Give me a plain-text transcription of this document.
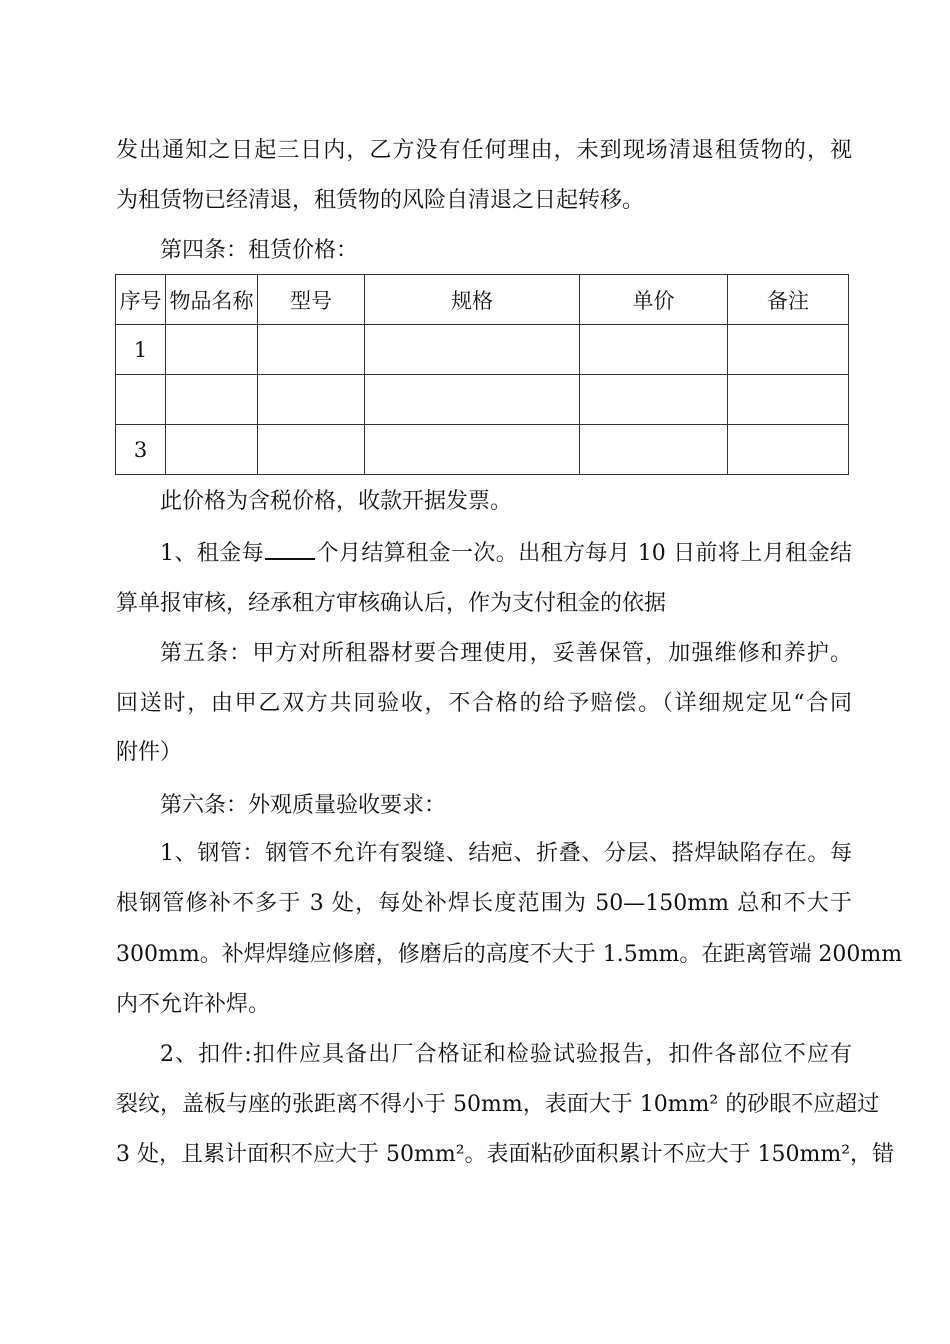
发出通知之日起三日内，乙方没有任何理由，未到现场清退租赁物的，视
为租赁物已经清退，租赁物的风险自清退之日起转移。
第四条：租赁价格：
序号	物品名称	型号	规格	单价	备注
1					

3					
此价格为含税价格，收款开据发票。
1、租金每 个月结算租金一次。出租方每月 10 日前将上月租金结
算单报审核，经承租方审核确认后，作为支付租金的依据
第五条：甲方对所租器材要合理使用，妥善保管，加强维修和养护。
回送时，由甲乙双方共同验收，不合格的给予赔偿。（详细规定见“合同
附件）
第六条：外观质量验收要求：
1、钢管：钢管不允许有裂缝、结疤、折叠、分层、搭焊缺陷存在。每
根钢管修补不多于 3 处，每处补焊长度范围为 50—150mm 总和不大于
300mm。补焊焊缝应修磨，修磨后的高度不大于 1.5mm。在距离管端 200mm
内不允许补焊。
2、扣件:扣件应具备出厂合格证和检验试验报告，扣件各部位不应有
裂纹，盖板与座的张距离不得小于 50mm，表面大于 10mm² 的砂眼不应超过
3 处，且累计面积不应大于 50mm²。表面粘砂面积累计不应大于 150mm²，错
